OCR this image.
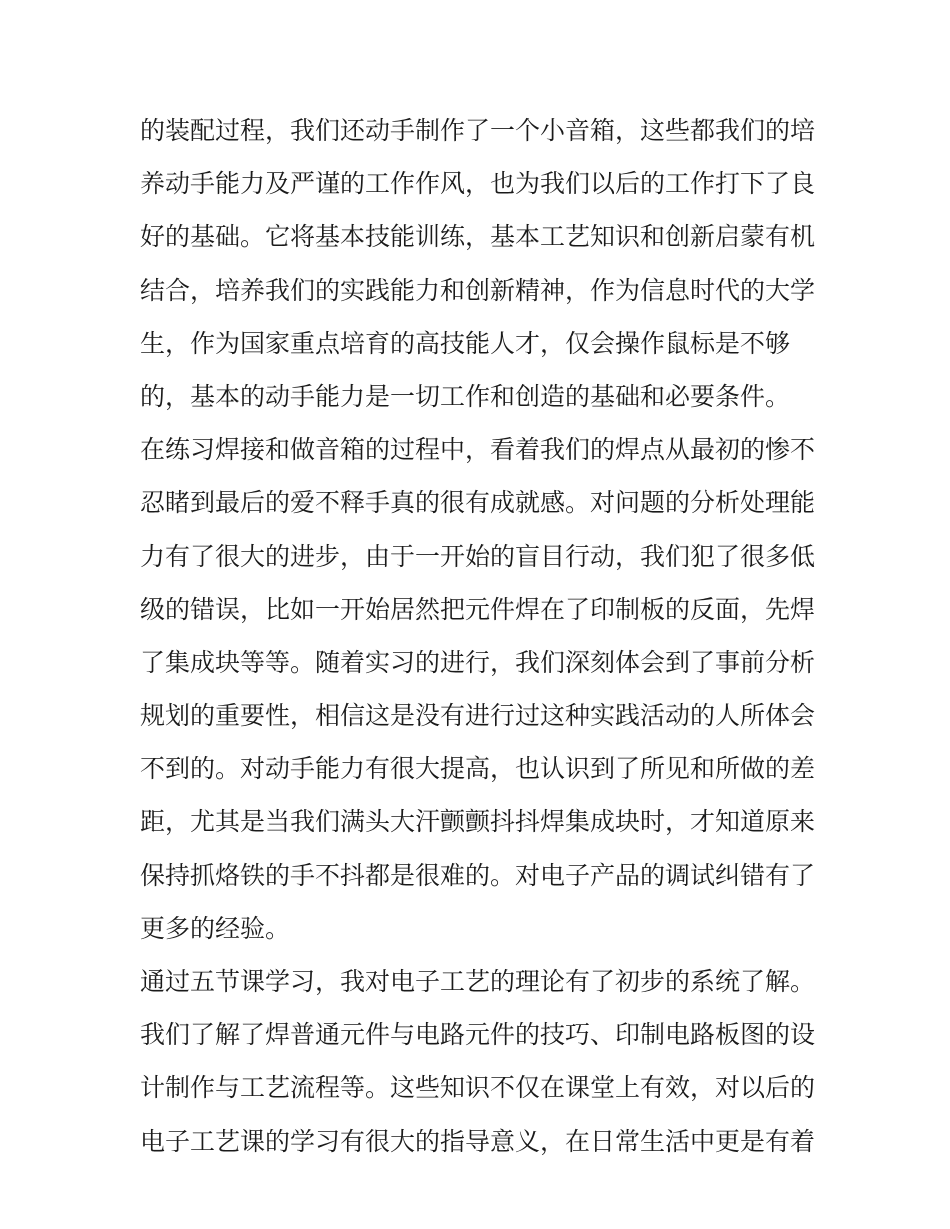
的装配过程，我们还动手制作了一个小音箱，这些都我们的培
养动手能力及严谨的工作作风，也为我们以后的工作打下了良
好的基础。它将基本技能训练，基本工艺知识和创新启蒙有机
结合，培养我们的实践能力和创新精神，作为信息时代的大学
生，作为国家重点培育的高技能人才，仅会操作鼠标是不够
的，基本的动手能力是一切工作和创造的基础和必要条件。
在练习焊接和做音箱的过程中，看着我们的焊点从最初的惨不
忍睹到最后的爱不释手真的很有成就感。对问题的分析处理能
力有了很大的进步，由于一开始的盲目行动，我们犯了很多低
级的错误，比如一开始居然把元件焊在了印制板的反面，先焊
了集成块等等。随着实习的进行，我们深刻体会到了事前分析
规划的重要性，相信这是没有进行过这种实践活动的人所体会
不到的。对动手能力有很大提高，也认识到了所见和所做的差
距，尤其是当我们满头大汗颤颤抖抖焊集成块时，才知道原来
保持抓烙铁的手不抖都是很难的。对电子产品的调试纠错有了
更多的经验。
通过五节课学习，我对电子工艺的理论有了初步的系统了解。
我们了解了焊普通元件与电路元件的技巧、印制电路板图的设
计制作与工艺流程等。这些知识不仅在课堂上有效，对以后的
电子工艺课的学习有很大的指导意义，在日常生活中更是有着
